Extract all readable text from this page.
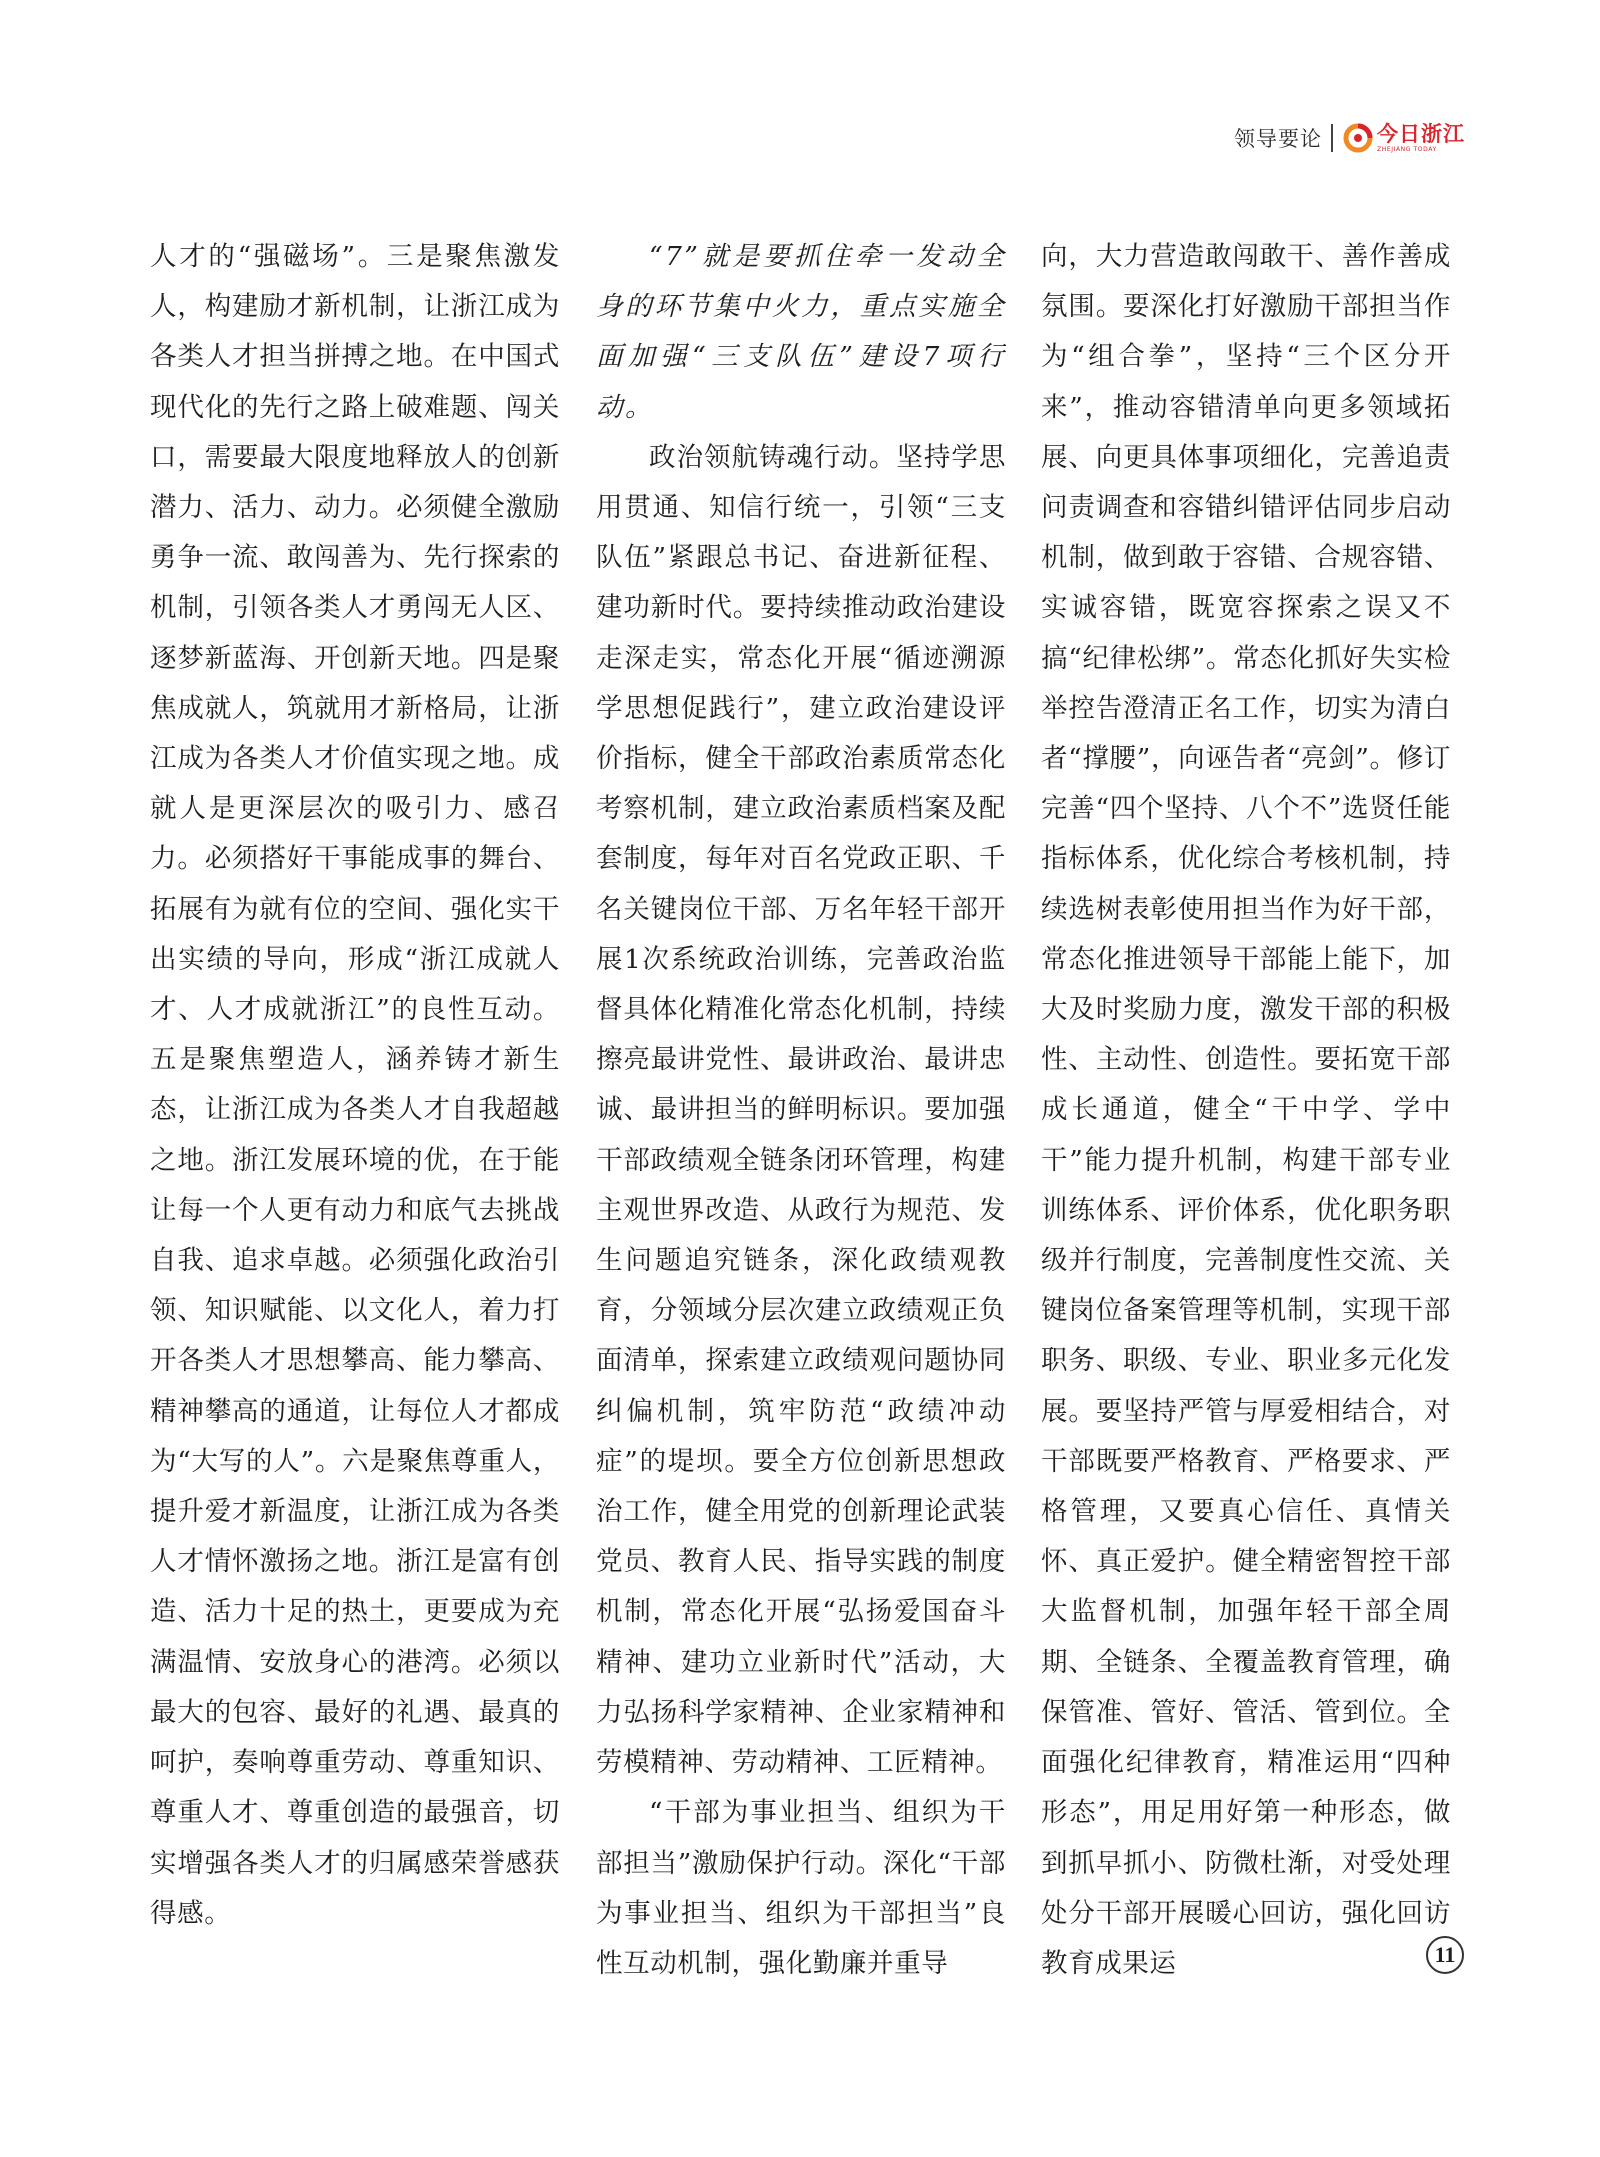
领导要论	今日浙江
ZHEJIANG TODAY

人才的“强磁场”。三是聚焦激发人，构建励才新机制，让浙江成为各类人才担当拼搏之地。在中国式现代化的先行之路上破难题、闯关口，需要最大限度地释放人的创新潜力、活力、动力。必须健全激励勇争一流、敢闯善为、先行探索的机制，引领各类人才勇闯无人区、逐梦新蓝海、开创新天地。四是聚焦成就人，筑就用才新格局，让浙江成为各类人才价值实现之地。成就人是更深层次的吸引力、感召力。必须搭好干事能成事的舞台、拓展有为就有位的空间、强化实干出实绩的导向，形成“浙江成就人才、人才成就浙江”的良性互动。五是聚焦塑造人，涵养铸才新生态，让浙江成为各类人才自我超越之地。浙江发展环境的优，在于能让每一个人更有动力和底气去挑战自我、追求卓越。必须强化政治引领、知识赋能、以文化人，着力打开各类人才思想攀高、能力攀高、精神攀高的通道，让每位人才都成为“大写的人”。六是聚焦尊重人，提升爱才新温度，让浙江成为各类人才情怀激扬之地。浙江是富有创造、活力十足的热土，更要成为充满温情、安放身心的港湾。必须以最大的包容、最好的礼遇、最真的呵护，奏响尊重劳动、尊重知识、尊重人才、尊重创造的最强音，切实增强各类人才的归属感荣誉感获得感。

“7”就是要抓住牵一发动全身的环节集中火力，重点实施全面加强“三支队伍”建设7项行动。

政治领航铸魂行动。坚持学思用贯通、知信行统一，引领“三支队伍”紧跟总书记、奋进新征程、建功新时代。要持续推动政治建设走深走实，常态化开展“循迹溯源学思想促践行”，建立政治建设评价指标，健全干部政治素质常态化考察机制，建立政治素质档案及配套制度，每年对百名党政正职、千名关键岗位干部、万名年轻干部开展1次系统政治训练，完善政治监督具体化精准化常态化机制，持续擦亮最讲党性、最讲政治、最讲忠诚、最讲担当的鲜明标识。要加强干部政绩观全链条闭环管理，构建主观世界改造、从政行为规范、发生问题追究链条，深化政绩观教育，分领域分层次建立政绩观正负面清单，探索建立政绩观问题协同纠偏机制，筑牢防范“政绩冲动症”的堤坝。要全方位创新思想政治工作，健全用党的创新理论武装党员、教育人民、指导实践的制度机制，常态化开展“弘扬爱国奋斗精神、建功立业新时代”活动，大力弘扬科学家精神、企业家精神和劳模精神、劳动精神、工匠精神。

“干部为事业担当、组织为干部担当”激励保护行动。深化“干部为事业担当、组织为干部担当”良性互动机制，强化勤廉并重导

向，大力营造敢闯敢干、善作善成氛围。要深化打好激励干部担当作为“组合拳”，坚持“三个区分开来”，推动容错清单向更多领域拓展、向更具体事项细化，完善追责问责调查和容错纠错评估同步启动机制，做到敢于容错、合规容错、实诚容错，既宽容探索之误又不搞“纪律松绑”。常态化抓好失实检举控告澄清正名工作，切实为清白者“撑腰”，向诬告者“亮剑”。修订完善“四个坚持、八个不”选贤任能指标体系，优化综合考核机制，持续选树表彰使用担当作为好干部，常态化推进领导干部能上能下，加大及时奖励力度，激发干部的积极性、主动性、创造性。要拓宽干部成长通道，健全“干中学、学中干”能力提升机制，构建干部专业训练体系、评价体系，优化职务职级并行制度，完善制度性交流、关键岗位备案管理等机制，实现干部职务、职级、专业、职业多元化发展。要坚持严管与厚爱相结合，对干部既要严格教育、严格要求、严格管理，又要真心信任、真情关怀、真正爱护。健全精密智控干部大监督机制，加强年轻干部全周期、全链条、全覆盖教育管理，确保管准、管好、管活、管到位。全面强化纪律教育，精准运用“四种形态”，用足用好第一种形态，做到抓早抓小、防微杜渐，对受处理处分干部开展暖心回访，强化回访教育成果运	11
